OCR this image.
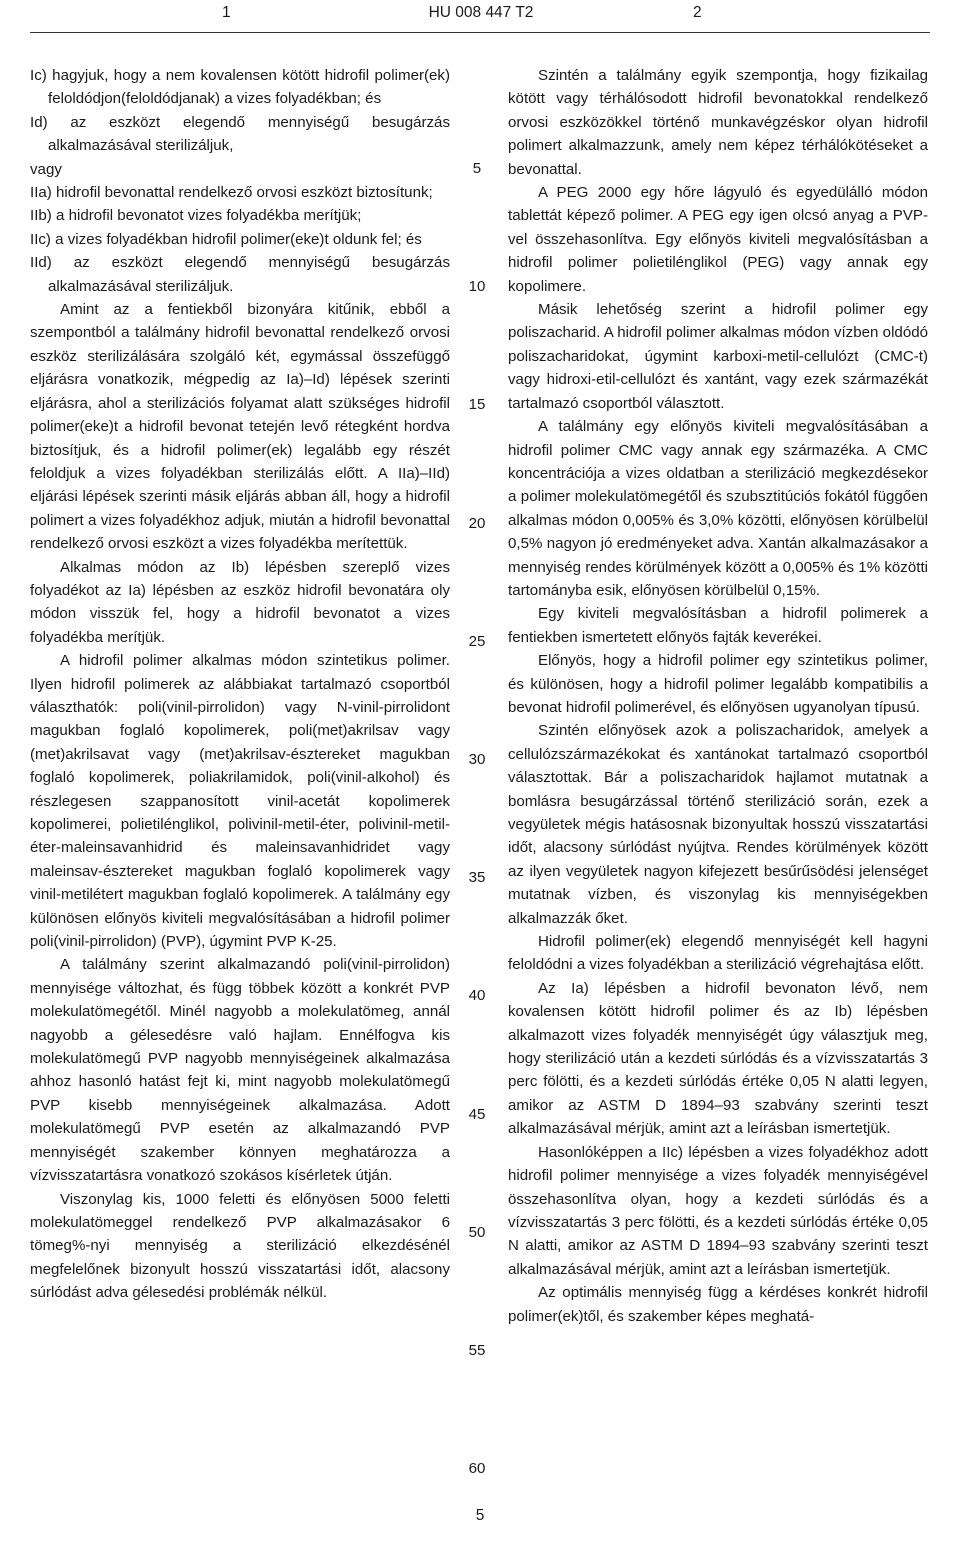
1	HU 008 447 T2	2

Ic) hagyjuk, hogy a nem kovalensen kötött hidrofil polimer(ek) feloldódjon(feloldódjanak) a vizes folyadékban; és

Id) az eszközt elegendő mennyiségű besugárzás alkalmazásával sterilizáljuk,

vagy

IIa) hidrofil bevonattal rendelkező orvosi eszközt biztosítunk;

IIb) a hidrofil bevonatot vizes folyadékba merítjük;

IIc) a vizes folyadékban hidrofil polimer(eke)t oldunk fel; és

IId) az eszközt elegendő mennyiségű besugárzás alkalmazásával sterilizáljuk.

Amint az a fentiekből bizonyára kitűnik, ebből a szempontból a találmány hidrofil bevonattal rendelkező orvosi eszköz sterilizálására szolgáló két, egymással összefüggő eljárásra vonatkozik, mégpedig az Ia)–Id) lépések szerinti eljárásra, ahol a sterilizációs folyamat alatt szükséges hidrofil polimer(eke)t a hidrofil bevonat tetején levő rétegként hordva biztosítjuk, és a hidrofil polimer(ek) legalább egy részét feloldjuk a vizes folyadékban sterilizálás előtt. A IIa)–IId) eljárási lépések szerinti másik eljárás abban áll, hogy a hidrofil polimert a vizes folyadékhoz adjuk, miután a hidrofil bevonattal rendelkező orvosi eszközt a vizes folyadékba merítettük.

Alkalmas módon az Ib) lépésben szereplő vizes folyadékot az Ia) lépésben az eszköz hidrofil bevonatára oly módon visszük fel, hogy a hidrofil bevonatot a vizes folyadékba merítjük.

A hidrofil polimer alkalmas módon szintetikus polimer. Ilyen hidrofil polimerek az alábbiakat tartalmazó csoportból választhatók: poli(vinil-pirrolidon) vagy N-vinil-pirrolidont magukban foglaló kopolimerek, poli(met)akrilsav vagy (met)akrilsavat vagy (met)akrilsav-észtereket magukban foglaló kopolimerek, poliakrilamidok, poli(vinil-alkohol) és részlegesen szappanosított vinil-acetát kopolimerek kopolimerei, polietilénglikol, polivinil-metil-éter, polivinil-metil-éter-maleinsavanhidrid és maleinsavanhidridet vagy maleinsav-észtereket magukban foglaló kopolimerek vagy vinil-metilétert magukban foglaló kopolimerek. A találmány egy különösen előnyös kiviteli megvalósításában a hidrofil polimer poli(vinil-pirrolidon) (PVP), úgymint PVP K-25.

A találmány szerint alkalmazandó poli(vinil-pirrolidon) mennyisége változhat, és függ többek között a konkrét PVP molekulatömegétől. Minél nagyobb a molekulatömeg, annál nagyobb a gélesedésre való hajlam. Ennélfogva kis molekulatömegű PVP nagyobb mennyiségeinek alkalmazása ahhoz hasonló hatást fejt ki, mint nagyobb molekulatömegű PVP kisebb mennyiségeinek alkalmazása. Adott molekulatömegű PVP esetén az alkalmazandó PVP mennyiségét szakember könnyen meghatározza a vízvisszatartásra vonatkozó szokásos kísérletek útján.

Viszonylag kis, 1000 feletti és előnyösen 5000 feletti molekulatömeggel rendelkező PVP alkalmazásakor 6 tömeg%-nyi mennyiség a sterilizáció elkezdésénél megfelelőnek bizonyult hosszú visszatartási időt, alacsony súrlódást adva gélesedési problémák nélkül.

Szintén a találmány egyik szempontja, hogy fizikailag kötött vagy térhálósodott hidrofil bevonatokkal rendelkező orvosi eszközökkel történő munkavégzéskor olyan hidrofil polimert alkalmazzunk, amely nem képez térhálókötéseket a bevonattal.

A PEG 2000 egy hőre lágyuló és egyedülálló módon tablettát képező polimer. A PEG egy igen olcsó anyag a PVP-vel összehasonlítva. Egy előnyös kiviteli megvalósításban a hidrofil polimer polietilénglikol (PEG) vagy annak egy kopolimere.

Másik lehetőség szerint a hidrofil polimer egy poliszacharid. A hidrofil polimer alkalmas módon vízben oldódó poliszacharidokat, úgymint karboxi-metil-cellulózt (CMC-t) vagy hidroxi-etil-cellulózt és xantánt, vagy ezek származékát tartalmazó csoportból választott.

A találmány egy előnyös kiviteli megvalósításában a hidrofil polimer CMC vagy annak egy származéka. A CMC koncentrációja a vizes oldatban a sterilizáció megkezdésekor a polimer molekulatömegétől és szubsztitúciós fokától függően alkalmas módon 0,005% és 3,0% közötti, előnyösen körülbelül 0,5% nagyon jó eredményeket adva. Xantán alkalmazásakor a mennyiség rendes körülmények között a 0,005% és 1% közötti tartományba esik, előnyösen körülbelül 0,15%.

Egy kiviteli megvalósításban a hidrofil polimerek a fentiekben ismertetett előnyös fajták keverékei.

Előnyös, hogy a hidrofil polimer egy szintetikus polimer, és különösen, hogy a hidrofil polimer legalább kompatibilis a bevonat hidrofil polimerével, és előnyösen ugyanolyan típusú.

Szintén előnyösek azok a poliszacharidok, amelyek a cellulózszármazékokat és xantánokat tartalmazó csoportból választottak. Bár a poliszacharidok hajlamot mutatnak a bomlásra besugárzással történő sterilizáció során, ezek a vegyületek mégis hatásosnak bizonyultak hosszú visszatartási időt, alacsony súrlódást nyújtva. Rendes körülmények között az ilyen vegyületek nagyon kifejezett besűrűsödési jelenséget mutatnak vízben, és viszonylag kis mennyiségekben alkalmazzák őket.

Hidrofil polimer(ek) elegendő mennyiségét kell hagyni feloldódni a vizes folyadékban a sterilizáció végrehajtása előtt.

Az Ia) lépésben a hidrofil bevonaton lévő, nem kovalensen kötött hidrofil polimer és az Ib) lépésben alkalmazott vizes folyadék mennyiségét úgy választjuk meg, hogy sterilizáció után a kezdeti súrlódás és a vízvisszatartás 3 perc fölötti, és a kezdeti súrlódás értéke 0,05 N alatti legyen, amikor az ASTM D 1894–93 szabvány szerinti teszt alkalmazásával mérjük, amint azt a leírásban ismertetjük.

Hasonlóképpen a IIc) lépésben a vizes folyadékhoz adott hidrofil polimer mennyisége a vizes folyadék mennyiségével összehasonlítva olyan, hogy a kezdeti súrlódás és a vízvisszatartás 3 perc fölötti, és a kezdeti súrlódás értéke 0,05 N alatti, amikor az ASTM D 1894–93 szabvány szerinti teszt alkalmazásával mérjük, amint azt a leírásban ismertetjük.

Az optimális mennyiség függ a kérdéses konkrét hidrofil polimer(ek)től, és szakember képes meghatá-

5
10
15
20
25
30
35
40
45
50
55
60
5
